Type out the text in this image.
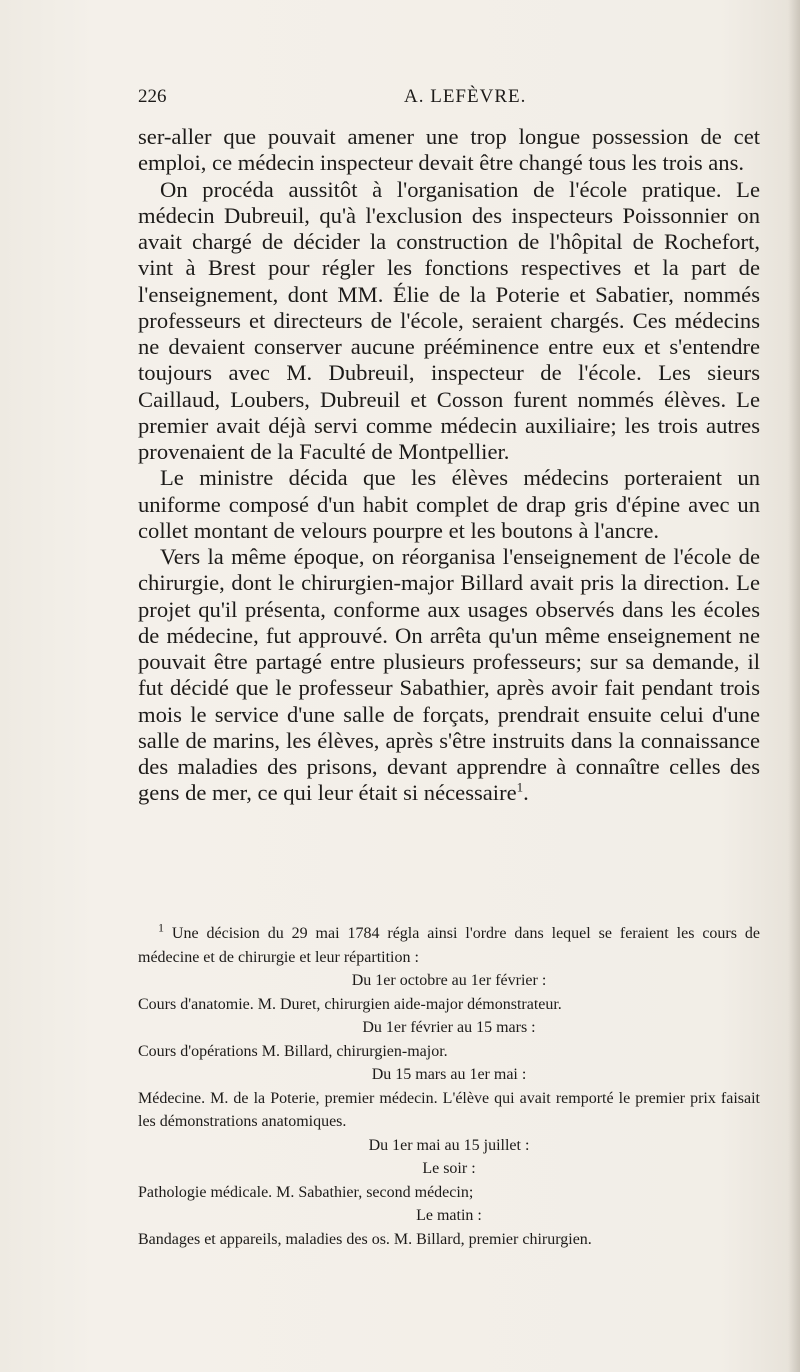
226	A. LEFÈVRE.

ser-aller que pouvait amener une trop longue possession de cet emploi, ce médecin inspecteur devait être changé tous les trois ans.

On procéda aussitôt à l'organisation de l'école pratique. Le médecin Dubreuil, qu'à l'exclusion des inspecteurs Poissonnier on avait chargé de décider la construction de l'hôpital de Rochefort, vint à Brest pour régler les fonctions respectives et la part de l'enseignement, dont MM. Élie de la Poterie et Sabatier, nommés professeurs et directeurs de l'école, seraient chargés. Ces médecins ne devaient conserver aucune prééminence entre eux et s'entendre toujours avec M. Dubreuil, inspecteur de l'école. Les sieurs Caillaud, Loubers, Dubreuil et Cosson furent nommés élèves. Le premier avait déjà servi comme médecin auxiliaire; les trois autres provenaient de la Faculté de Montpellier.

Le ministre décida que les élèves médecins porteraient un uniforme composé d'un habit complet de drap gris d'épine avec un collet montant de velours pourpre et les boutons à l'ancre.

Vers la même époque, on réorganisa l'enseignement de l'école de chirurgie, dont le chirurgien-major Billard avait pris la direction. Le projet qu'il présenta, conforme aux usages observés dans les écoles de médecine, fut approuvé. On arrêta qu'un même enseignement ne pouvait être partagé entre plusieurs professeurs; sur sa demande, il fut décidé que le professeur Sabathier, après avoir fait pendant trois mois le service d'une salle de forçats, prendrait ensuite celui d'une salle de marins, les élèves, après s'être instruits dans la connaissance des maladies des prisons, devant apprendre à connaître celles des gens de mer, ce qui leur était si nécessaire$^1$.

$^1$ Une décision du 29 mai 1784 régla ainsi l'ordre dans lequel se feraient les cours de médecine et de chirurgie et leur répartition :

Du 1er octobre au 1er février :

Cours d'anatomie. M. Duret, chirurgien aide-major démonstrateur.

Du 1er février au 15 mars :

Cours d'opérations M. Billard, chirurgien-major.

Du 15 mars au 1er mai :

Médecine. M. de la Poterie, premier médecin. L'élève qui avait remporté le premier prix faisait les démonstrations anatomiques.

Du 1er mai au 15 juillet :

Le soir :

Pathologie médicale. M. Sabathier, second médecin;

Le matin :

Bandages et appareils, maladies des os. M. Billard, premier chirurgien.
